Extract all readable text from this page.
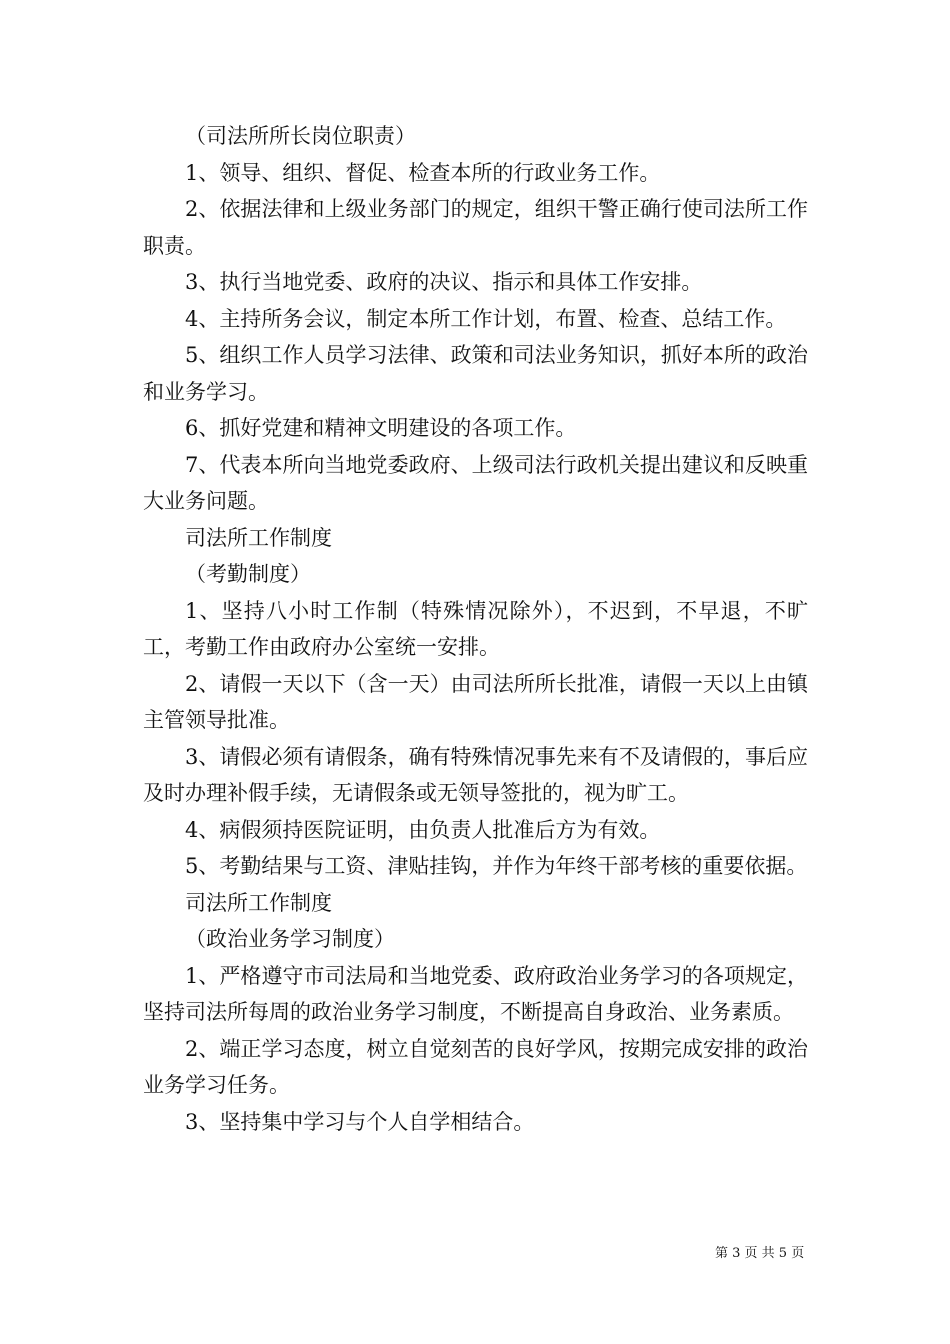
（司法所所长岗位职责）

1、领导、组织、督促、检查本所的行政业务工作。

2、依据法律和上级业务部门的规定，组织干警正确行使司法所工作职责。

3、执行当地党委、政府的决议、指示和具体工作安排。

4、主持所务会议，制定本所工作计划，布置、检查、总结工作。

5、组织工作人员学习法律、政策和司法业务知识，抓好本所的政治和业务学习。

6、抓好党建和精神文明建设的各项工作。

7、代表本所向当地党委政府、上级司法行政机关提出建议和反映重大业务问题。

司法所工作制度

（考勤制度）

1、坚持八小时工作制（特殊情况除外），不迟到，不早退，不旷工，考勤工作由政府办公室统一安排。

2、请假一天以下（含一天）由司法所所长批准，请假一天以上由镇主管领导批准。

3、请假必须有请假条，确有特殊情况事先来有不及请假的，事后应及时办理补假手续，无请假条或无领导签批的，视为旷工。

4、病假须持医院证明，由负责人批准后方为有效。

5、考勤结果与工资、津贴挂钩，并作为年终干部考核的重要依据。

司法所工作制度

（政治业务学习制度）

1、严格遵守市司法局和当地党委、政府政治业务学习的各项规定，坚持司法所每周的政治业务学习制度，不断提高自身政治、业务素质。

2、端正学习态度，树立自觉刻苦的良好学风，按期完成安排的政治业务学习任务。

3、坚持集中学习与个人自学相结合。

第 3 页 共 5 页
